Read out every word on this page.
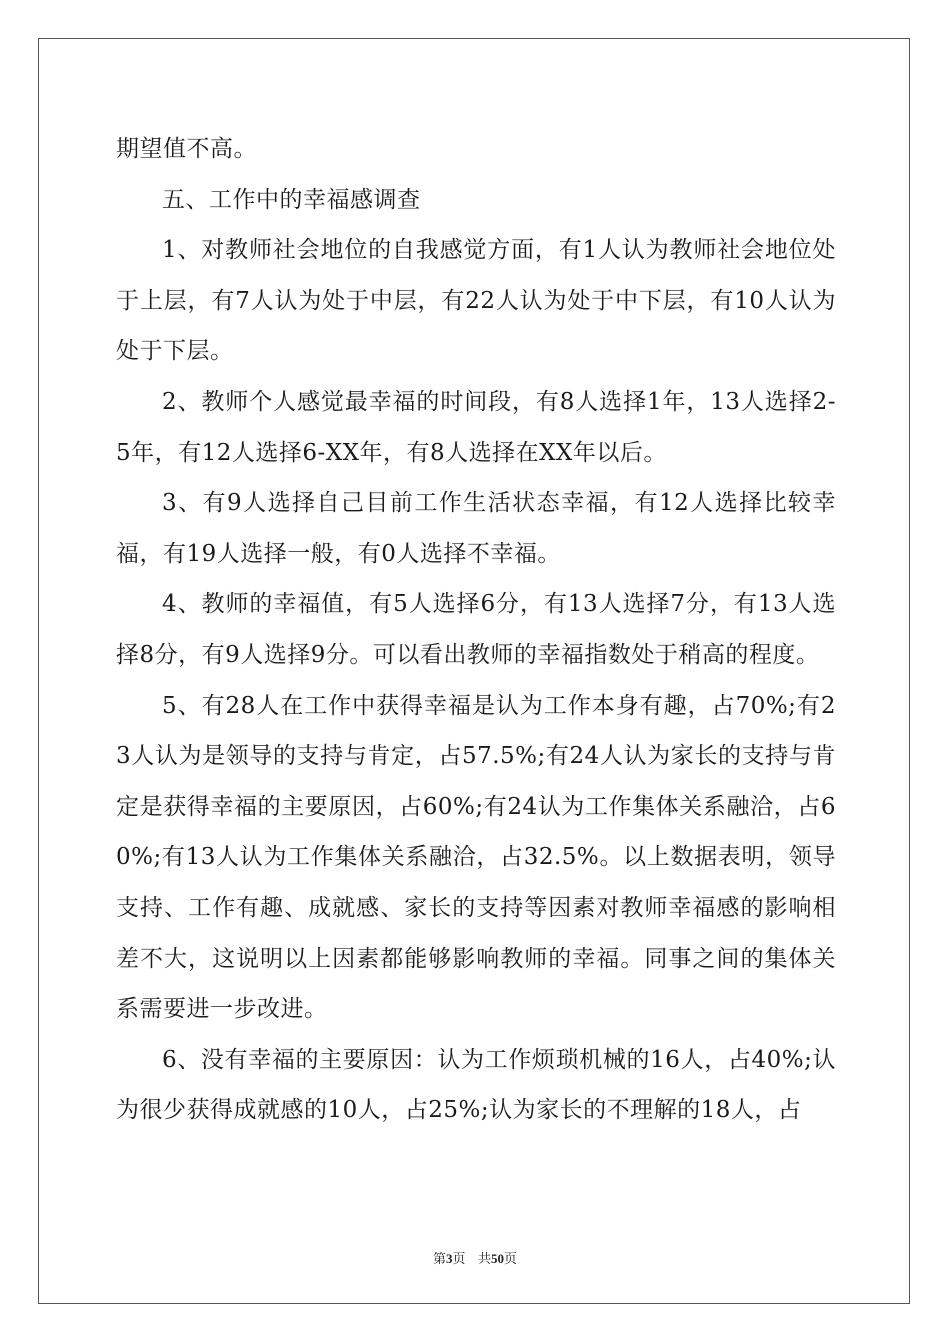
期望值不高。

五、工作中的幸福感调查

1、对教师社会地位的自我感觉方面，有1人认为教师社会地位处于上层，有7人认为处于中层，有22人认为处于中下层，有10人认为处于下层。

2、教师个人感觉最幸福的时间段，有8人选择1年，13人选择2-5年，有12人选择6-XX年，有8人选择在XX年以后。

3、有9人选择自己目前工作生活状态幸福，有12人选择比较幸福，有19人选择一般，有0人选择不幸福。

4、教师的幸福值，有5人选择6分，有13人选择7分，有13人选择8分，有9人选择9分。可以看出教师的幸福指数处于稍高的程度。

5、有28人在工作中获得幸福是认为工作本身有趣，占70%;有23人认为是领导的支持与肯定，占57.5%;有24人认为家长的支持与肯定是获得幸福的主要原因，占60%;有24认为工作集体关系融洽，占60%;有13人认为工作集体关系融洽，占32.5%。以上数据表明，领导支持、工作有趣、成就感、家长的支持等因素对教师幸福感的影响相差不大，这说明以上因素都能够影响教师的幸福。同事之间的集体关系需要进一步改进。

6、没有幸福的主要原因：认为工作烦琐机械的16人，占40%;认为很少获得成就感的10人，占25%;认为家长的不理解的18人，占

第3页 共50页
